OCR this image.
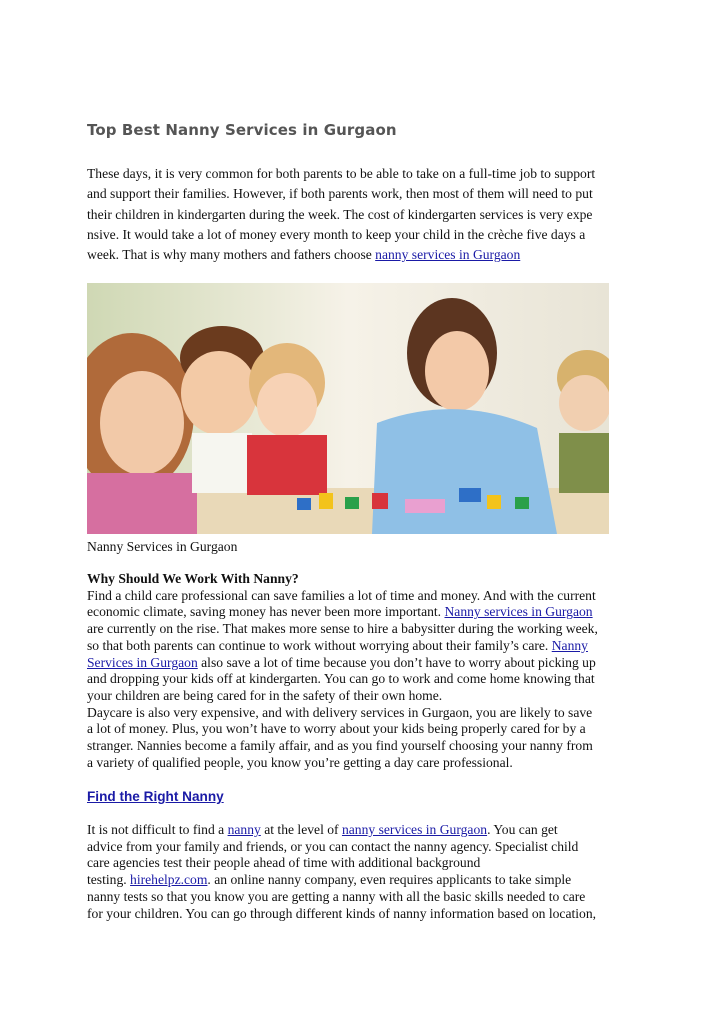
Top Best Nanny Services in Gurgaon
These days, it is very common for both parents to be able to take on a full-time job to support
and support their families. However, if both parents work, then most of them will need to put
their children in kindergarten during the week. The cost of kindergarten services is very expe
nsive. It would take a lot of money every month to keep your child in the crèche five days a
week. That is why many mothers and fathers choose nanny services in Gurgaon
Nanny Services in Gurgaon
Why Should We Work With Nanny?
Find a child care professional can save families a lot of time and money. And with the current
economic climate, saving money has never been more important. Nanny services in Gurgaon
are currently on the rise. That makes more sense to hire a babysitter during the working week,
so that both parents can continue to work without worrying about their family’s care. Nanny
Services in Gurgaon also save a lot of time because you don’t have to worry about picking up
and dropping your kids off at kindergarten. You can go to work and come home knowing that
your children are being cared for in the safety of their own home.
Daycare is also very expensive, and with delivery services in Gurgaon, you are likely to save
a lot of money. Plus, you won’t have to worry about your kids being properly cared for by a
stranger. Nannies become a family affair, and as you find yourself choosing your nanny from
a variety of qualified people, you know you’re getting a day care professional.
Find the Right Nanny
It is not difficult to find a nanny at the level of nanny services in Gurgaon. You can get
advice from your family and friends, or you can contact the nanny agency. Specialist child
care agencies test their people ahead of time with additional background
testing. hirehelpz.com. an online nanny company, even requires applicants to take simple
nanny tests so that you know you are getting a nanny with all the basic skills needed to care
for your children. You can go through different kinds of nanny information based on location,
